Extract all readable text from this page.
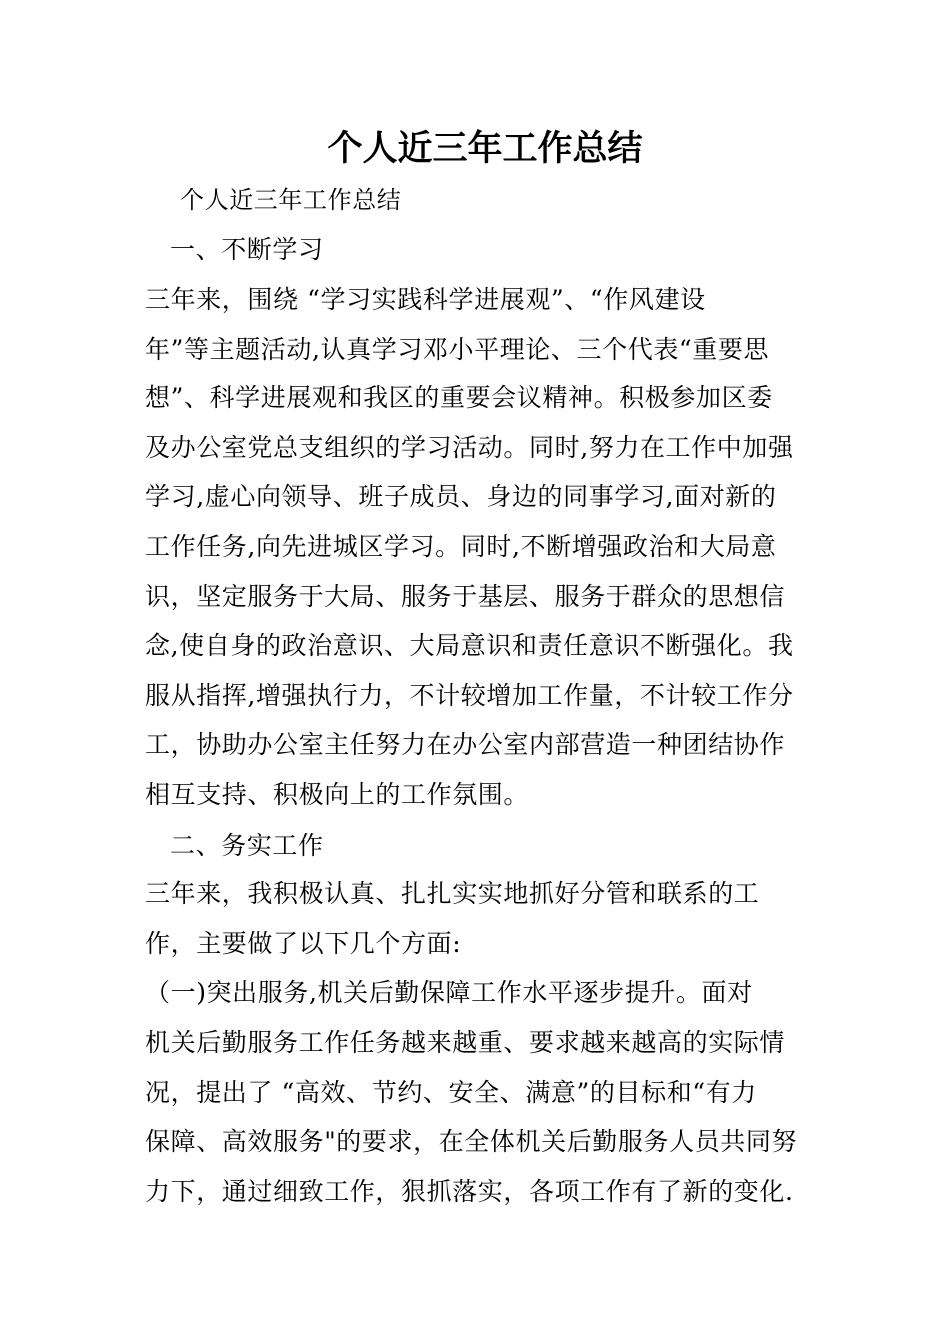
个人近三年工作总结
个人近三年工作总结
一、不断学习
三年来，围绕 “学习实践科学进展观”、“作风建设
年”等主题活动,认真学习邓小平理论、三个代表“重要思
想”、科学进展观和我区的重要会议精神。积极参加区委
及办公室党总支组织的学习活动。同时,努力在工作中加强
学习,虚心向领导、班子成员、身边的同事学习,面对新的
工作任务,向先进城区学习。同时,不断增强政治和大局意
识，坚定服务于大局、服务于基层、服务于群众的思想信
念,使自身的政治意识、大局意识和责任意识不断强化。我
服从指挥,增强执行力，不计较增加工作量，不计较工作分
工，协助办公室主任努力在办公室内部营造一种团结协作
相互支持、积极向上的工作氛围。
二、务实工作
三年来，我积极认真、扎扎实实地抓好分管和联系的工
作，主要做了以下几个方面:
（一)突出服务,机关后勤保障工作水平逐步提升。面对
机关后勤服务工作任务越来越重、要求越来越高的实际情
况，提出了 “高效、节约、安全、满意”的目标和“有力
保障、高效服务"的要求，在全体机关后勤服务人员共同努
力下，通过细致工作，狠抓落实，各项工作有了新的变化.
